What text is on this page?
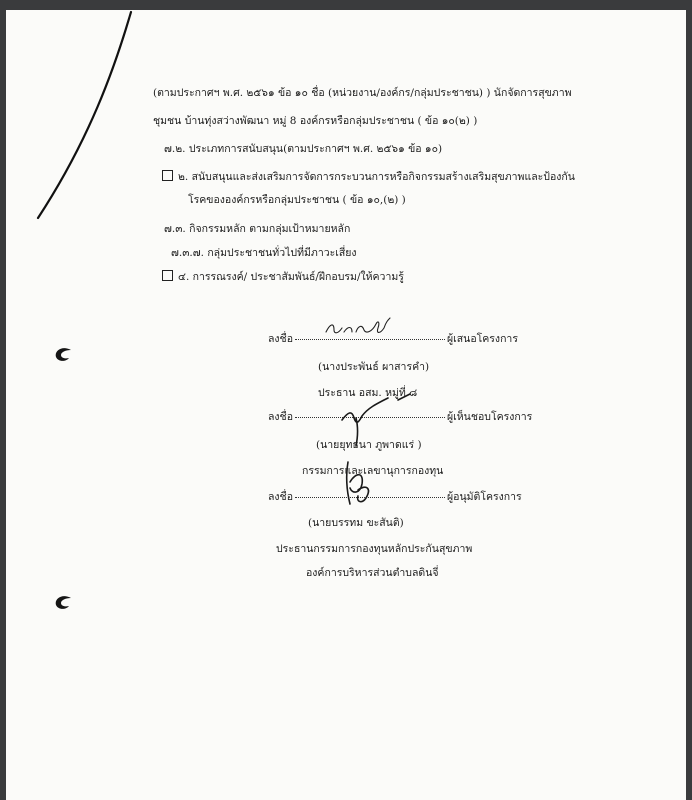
(ตามประกาศฯ พ.ศ. ๒๕๖๑ ข้อ ๑๐ ชื่อ (หน่วยงาน/องค์กร/กลุ่มประชาชน) ) นักจัดการสุขภาพ
ชุมชน บ้านทุ่งสว่างพัฒนา หมู่ 8 องค์กรหรือกลุ่มประชาชน ( ข้อ ๑๐(๒) )
๗.๒. ประเภทการสนับสนุน(ตามประกาศฯ พ.ศ. ๒๕๖๑ ข้อ ๑๐)
๒. สนับสนุนและส่งเสริมการจัดการกระบวนการหรือกิจกรรมสร้างเสริมสุขภาพและป้องกัน
โรคขององค์กรหรือกลุ่มประชาชน ( ข้อ ๑๐,(๒) )
๗.๓. กิจกรรมหลัก ตามกลุ่มเป้าหมายหลัก
๗.๓.๗. กลุ่มประชาชนทั่วไปที่มีภาวะเสี่ยง
๔. การรณรงค์/ ประชาสัมพันธ์/ฝึกอบรม/ให้ความรู้
ลงชื่อ	ผู้เสนอโครงการ
(นางประพันธ์ ผาสารคำ)
ประธาน อสม. หมู่ที่ ๘
ลงชื่อ	ผู้เห็นชอบโครงการ
(นายยุทธนา ภูพาดแร่ )
กรรมการและเลขานุการกองทุน
ลงชื่อ	ผู้อนุมัติโครงการ
(นายบรรทม ขะสันติ)
ประธานกรรมการกองทุนหลักประกันสุขภาพ
องค์การบริหารส่วนตำบลดินจี่
